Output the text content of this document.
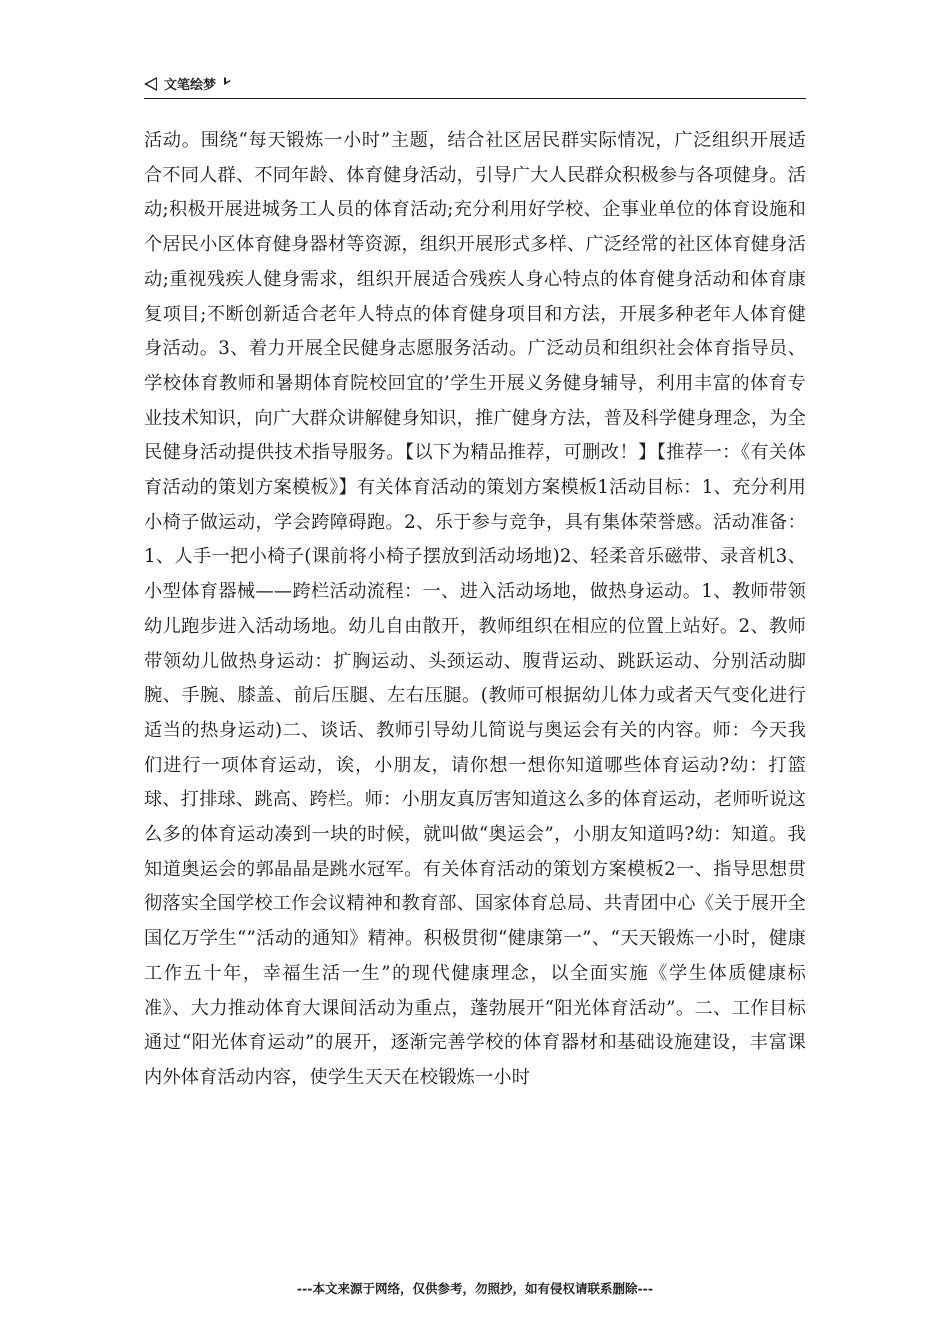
文笔绘梦

活动。围绕“每天锻炼一小时”主题，结合社区居民群实际情况，广泛组织开展适合不同人群、不同年龄、体育健身活动，引导广大人民群众积极参与各项健身。活动;积极开展进城务工人员的体育活动;充分利用好学校、企事业单位的体育设施和个居民小区体育健身器材等资源，组织开展形式多样、广泛经常的社区体育健身活动;重视残疾人健身需求，组织开展适合残疾人身心特点的体育健身活动和体育康复项目;不断创新适合老年人特点的体育健身项目和方法，开展多种老年人体育健身活动。3、着力开展全民健身志愿服务活动。广泛动员和组织社会体育指导员、学校体育教师和暑期体育院校回宜的’学生开展义务健身辅导，利用丰富的体育专业技术知识，向广大群众讲解健身知识，推广健身方法，普及科学健身理念，为全民健身活动提供技术指导服务。【以下为精品推荐，可删改！】【推荐一：《有关体育活动的策划方案模板》】有关体育活动的策划方案模板1活动目标：1、充分利用小椅子做运动，学会跨障碍跑。2、乐于参与竞争，具有集体荣誉感。活动准备：1、人手一把小椅子(课前将小椅子摆放到活动场地)2、轻柔音乐磁带、录音机3、小型体育器械——跨栏活动流程：一、进入活动场地，做热身运动。1、教师带领幼儿跑步进入活动场地。幼儿自由散开，教师组织在相应的位置上站好。2、教师带领幼儿做热身运动：扩胸运动、头颈运动、腹背运动、跳跃运动、分别活动脚腕、手腕、膝盖、前后压腿、左右压腿。(教师可根据幼儿体力或者天气变化进行适当的热身运动)二、谈话、教师引导幼儿简说与奥运会有关的内容。师：今天我们进行一项体育运动，诶，小朋友，请你想一想你知道哪些体育运动?幼：打篮球、打排球、跳高、跨栏。师：小朋友真厉害知道这么多的体育运动，老师听说这么多的体育运动凑到一块的时候，就叫做“奥运会”，小朋友知道吗?幼：知道。我知道奥运会的郭晶晶是跳水冠军。有关体育活动的策划方案模板2一、指导思想贯彻落实全国学校工作会议精神和教育部、国家体育总局、共青团中心《关于展开全国亿万学生“”活动的通知》精神。积极贯彻“健康第一”、“天天锻炼一小时，健康工作五十年，幸福生活一生”的现代健康理念，以全面实施《学生体质健康标准》、大力推动体育大课间活动为重点，蓬勃展开“阳光体育活动”。二、工作目标通过“阳光体育运动”的展开，逐渐完善学校的体育器材和基础设施建设，丰富课内外体育活动内容，使学生天天在校锻炼一小时

---本文来源于网络，仅供参考，勿照抄，如有侵权请联系删除---
